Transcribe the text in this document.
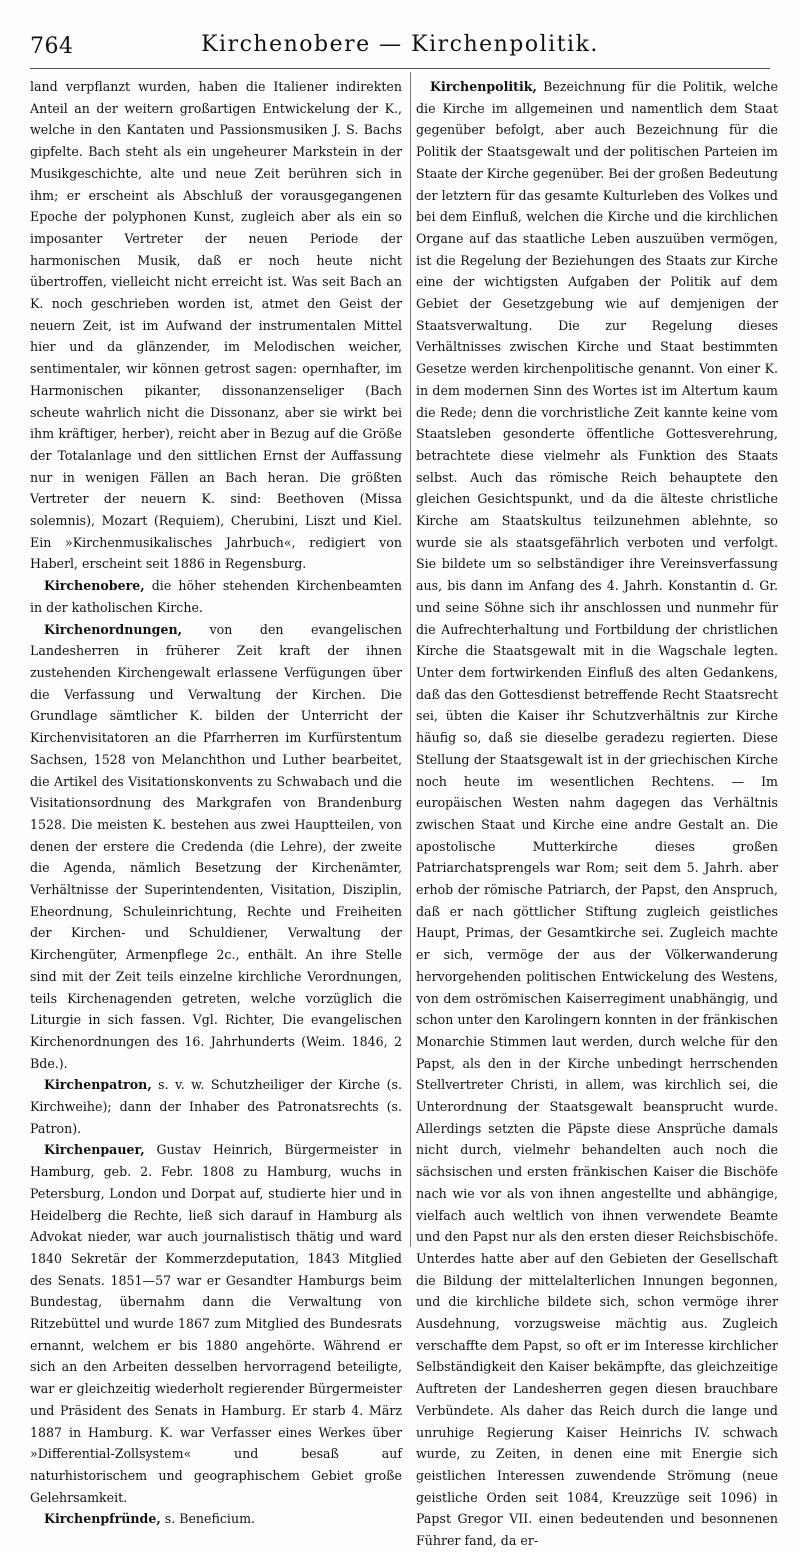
764	Kirchenobere — Kirchenpolitik.

land verpflanzt wurden, haben die Italiener indirekten Anteil an der weitern großartigen Entwickelung der K., welche in den Kantaten und Passionsmusiken J. S. Bachs gipfelte. Bach steht als ein ungeheurer Markstein in der Musikgeschichte, alte und neue Zeit berühren sich in ihm; er erscheint als Abschluß der vorausgegangenen Epoche der polyphonen Kunst, zugleich aber als ein so imposanter Vertreter der neuen Periode der harmonischen Musik, daß er noch heute nicht übertroffen, vielleicht nicht erreicht ist. Was seit Bach an K. noch geschrieben worden ist, atmet den Geist der neuern Zeit, ist im Aufwand der instrumentalen Mittel hier und da glänzender, im Melodischen weicher, sentimentaler, wir können getrost sagen: opernhafter, im Harmonischen pikanter, dissonanzenseliger (Bach scheute wahrlich nicht die Dissonanz, aber sie wirkt bei ihm kräftiger, herber), reicht aber in Bezug auf die Größe der Totalanlage und den sittlichen Ernst der Auffassung nur in wenigen Fällen an Bach heran. Die größten Vertreter der neuern K. sind: Beethoven (Missa solemnis), Mozart (Requiem), Cherubini, Liszt und Kiel. Ein »Kirchenmusikalisches Jahrbuch«, redigiert von Haberl, erscheint seit 1886 in Regensburg.

Kirchenobere, die höher stehenden Kirchenbeamten in der katholischen Kirche.

Kirchenordnungen, von den evangelischen Landesherren in früherer Zeit kraft der ihnen zustehenden Kirchengewalt erlassene Verfügungen über die Verfassung und Verwaltung der Kirchen. Die Grundlage sämtlicher K. bilden der Unterricht der Kirchenvisitatoren an die Pfarrherren im Kurfürstentum Sachsen, 1528 von Melanchthon und Luther bearbeitet, die Artikel des Visitationskonvents zu Schwabach und die Visitationsordnung des Markgrafen von Brandenburg 1528. Die meisten K. bestehen aus zwei Hauptteilen, von denen der erstere die Credenda (die Lehre), der zweite die Agenda, nämlich Besetzung der Kirchenämter, Verhältnisse der Superintendenten, Visitation, Disziplin, Eheordnung, Schuleinrichtung, Rechte und Freiheiten der Kirchen- und Schuldiener, Verwaltung der Kirchengüter, Armenpflege 2c., enthält. An ihre Stelle sind mit der Zeit teils einzelne kirchliche Verordnungen, teils Kirchenagenden getreten, welche vorzüglich die Liturgie in sich fassen. Vgl. Richter, Die evangelischen Kirchenordnungen des 16. Jahrhunderts (Weim. 1846, 2 Bde.).

Kirchenpatron, s. v. w. Schutzheiliger der Kirche (s. Kirchweihe); dann der Inhaber des Patronatsrechts (s. Patron).

Kirchenpauer, Gustav Heinrich, Bürgermeister in Hamburg, geb. 2. Febr. 1808 zu Hamburg, wuchs in Petersburg, London und Dorpat auf, studierte hier und in Heidelberg die Rechte, ließ sich darauf in Hamburg als Advokat nieder, war auch journalistisch thätig und ward 1840 Sekretär der Kommerzdeputation, 1843 Mitglied des Senats. 1851—57 war er Gesandter Hamburgs beim Bundestag, übernahm dann die Verwaltung von Ritzebüttel und wurde 1867 zum Mitglied des Bundesrats ernannt, welchem er bis 1880 angehörte. Während er sich an den Arbeiten desselben hervorragend beteiligte, war er gleichzeitig wiederholt regierender Bürgermeister und Präsident des Senats in Hamburg. Er starb 4. März 1887 in Hamburg. K. war Verfasser eines Werkes über »Differential-Zollsystem« und besaß auf naturhistorischem und geographischem Gebiet große Gelehrsamkeit.

Kirchenpfründe, s. Beneficium.

Kirchenpolitik, Bezeichnung für die Politik, welche die Kirche im allgemeinen und namentlich dem Staat gegenüber befolgt, aber auch Bezeichnung für die Politik der Staatsgewalt und der politischen Parteien im Staate der Kirche gegenüber. Bei der großen Bedeutung der letztern für das gesamte Kulturleben des Volkes und bei dem Einfluß, welchen die Kirche und die kirchlichen Organe auf das staatliche Leben auszuüben vermögen, ist die Regelung der Beziehungen des Staats zur Kirche eine der wichtigsten Aufgaben der Politik auf dem Gebiet der Gesetzgebung wie auf demjenigen der Staatsverwaltung. Die zur Regelung dieses Verhältnisses zwischen Kirche und Staat bestimmten Gesetze werden kirchenpolitische genannt. Von einer K. in dem modernen Sinn des Wortes ist im Altertum kaum die Rede; denn die vorchristliche Zeit kannte keine vom Staatsleben gesonderte öffentliche Gottesverehrung, betrachtete diese vielmehr als Funktion des Staats selbst. Auch das römische Reich behauptete den gleichen Gesichtspunkt, und da die älteste christliche Kirche am Staatskultus teilzunehmen ablehnte, so wurde sie als staatsgefährlich verboten und verfolgt. Sie bildete um so selbständiger ihre Vereinsverfassung aus, bis dann im Anfang des 4. Jahrh. Konstantin d. Gr. und seine Söhne sich ihr anschlossen und nunmehr für die Aufrechterhaltung und Fortbildung der christlichen Kirche die Staatsgewalt mit in die Wagschale legten. Unter dem fortwirkenden Einfluß des alten Gedankens, daß das den Gottesdienst betreffende Recht Staatsrecht sei, übten die Kaiser ihr Schutzverhältnis zur Kirche häufig so, daß sie dieselbe geradezu regierten. Diese Stellung der Staatsgewalt ist in der griechischen Kirche noch heute im wesentlichen Rechtens. — Im europäischen Westen nahm dagegen das Verhältnis zwischen Staat und Kirche eine andre Gestalt an. Die apostolische Mutterkirche dieses großen Patriarchatsprengels war Rom; seit dem 5. Jahrh. aber erhob der römische Patriarch, der Papst, den Anspruch, daß er nach göttlicher Stiftung zugleich geistliches Haupt, Primas, der Gesamtkirche sei. Zugleich machte er sich, vermöge der aus der Völkerwanderung hervorgehenden politischen Entwickelung des Westens, von dem oströmischen Kaiserregiment unabhängig, und schon unter den Karolingern konnten in der fränkischen Monarchie Stimmen laut werden, durch welche für den Papst, als den in der Kirche unbedingt herrschenden Stellvertreter Christi, in allem, was kirchlich sei, die Unterordnung der Staatsgewalt beansprucht wurde. Allerdings setzten die Päpste diese Ansprüche damals nicht durch, vielmehr behandelten auch noch die sächsischen und ersten fränkischen Kaiser die Bischöfe nach wie vor als von ihnen angestellte und abhängige, vielfach auch weltlich von ihnen verwendete Beamte und den Papst nur als den ersten dieser Reichsbischöfe. Unterdes hatte aber auf den Gebieten der Gesellschaft die Bildung der mittelalterlichen Innungen begonnen, und die kirchliche bildete sich, schon vermöge ihrer Ausdehnung, vorzugsweise mächtig aus. Zugleich verschaffte dem Papst, so oft er im Interesse kirchlicher Selbständigkeit den Kaiser bekämpfte, das gleichzeitige Auftreten der Landesherren gegen diesen brauchbare Verbündete. Als daher das Reich durch die lange und unruhige Regierung Kaiser Heinrichs IV. schwach wurde, zu Zeiten, in denen eine mit Energie sich geistlichen Interessen zuwendende Strömung (neue geistliche Orden seit 1084, Kreuzzüge seit 1096) in Papst Gregor VII. einen bedeutenden und besonnenen Führer fand, da er-
